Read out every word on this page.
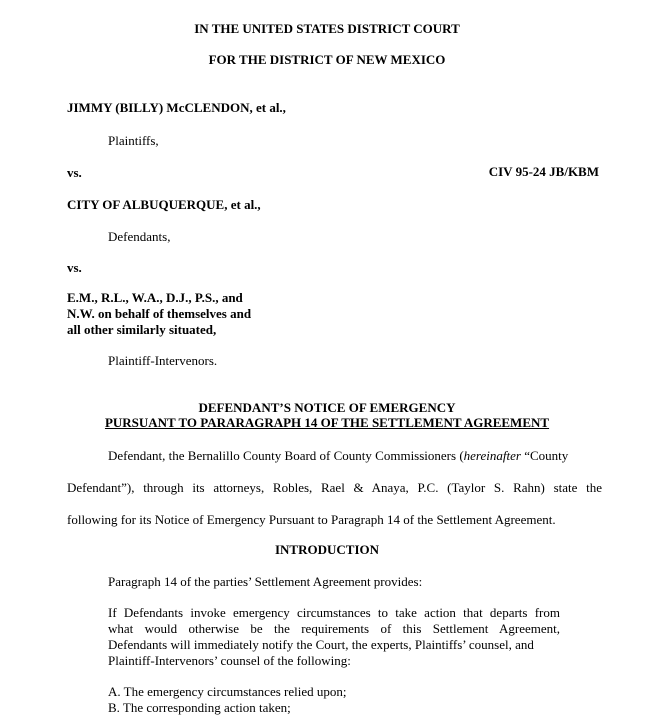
IN THE UNITED STATES DISTRICT COURT
FOR THE DISTRICT OF NEW MEXICO
JIMMY (BILLY) McCLENDON, et al.,
Plaintiffs,
vs.	CIV 95-24 JB/KBM
CITY OF ALBUQUERQUE, et al.,
Defendants,
vs.
E.M., R.L., W.A., D.J., P.S., and
N.W. on behalf of themselves and
all other similarly situated,
Plaintiff-Intervenors.
DEFENDANT’S NOTICE OF EMERGENCY
PURSUANT TO PARARAGRAPH 14 OF THE SETTLEMENT AGREEMENT
Defendant, the Bernalillo County Board of County Commissioners (hereinafter “County
Defendant”), through its attorneys, Robles, Rael & Anaya, P.C. (Taylor S. Rahn) state the
following for its Notice of Emergency Pursuant to Paragraph 14 of the Settlement Agreement.
INTRODUCTION
Paragraph 14 of the parties’ Settlement Agreement provides:
If Defendants invoke emergency circumstances to take action that departs from
what would otherwise be the requirements of this Settlement Agreement,
Defendants will immediately notify the Court, the experts, Plaintiffs’ counsel, and
Plaintiff-Intervenors’ counsel of the following:
A. The emergency circumstances relied upon;
B. The corresponding action taken;
